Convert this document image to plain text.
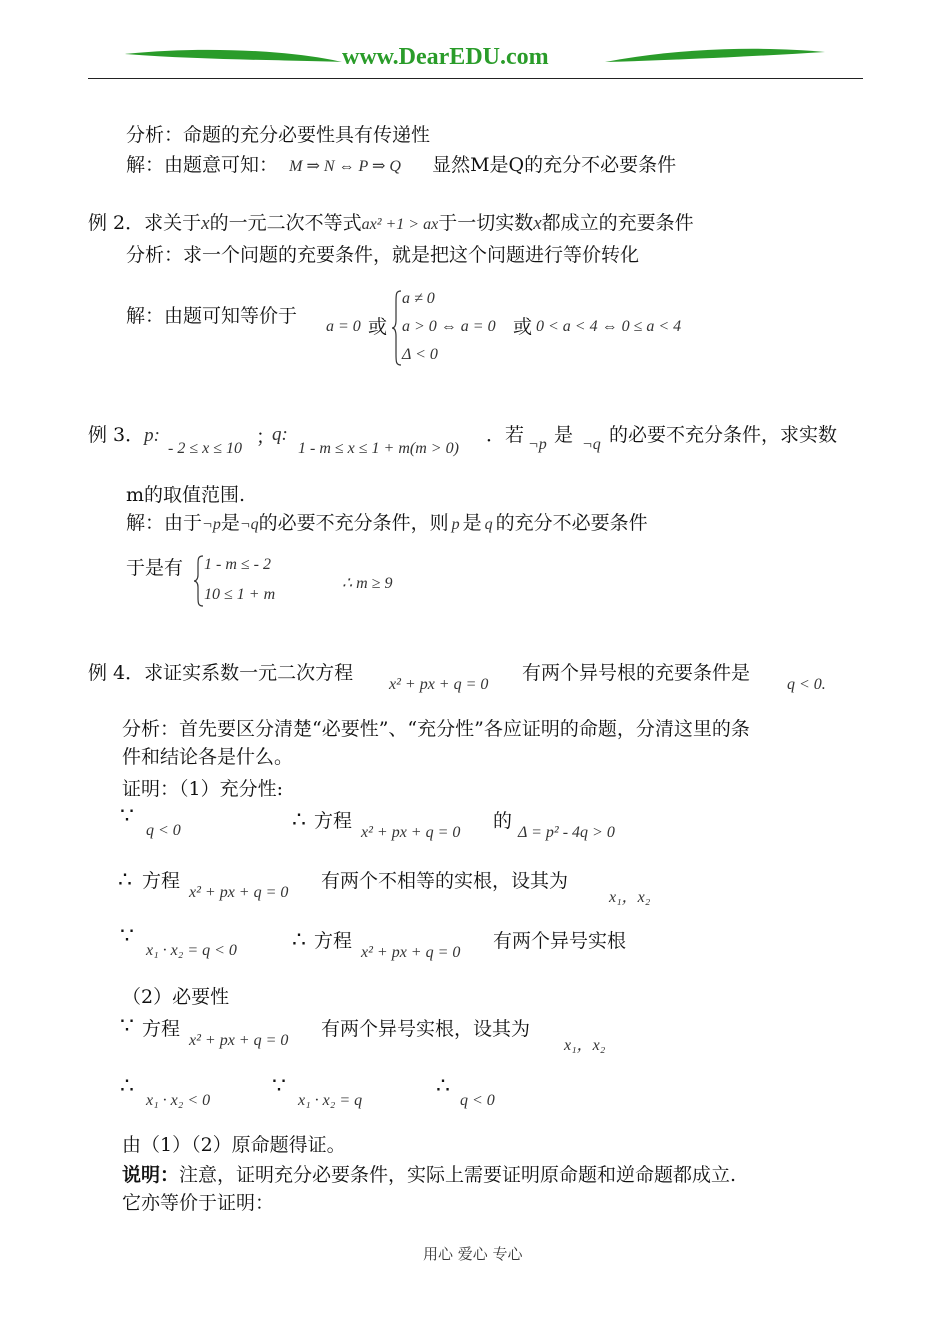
www.DearEDU.com
分析：命题的充分必要性具有传递性
解：由题意可知： M ⇒ N ⇔ P ⇒ Q 显然M是Q的充分不必要条件
例 2．求关于x的一元二次不等式ax² +1 > ax于一切实数x都成立的充要条件
分析：求一个问题的充要条件，就是把这个问题进行等价转化
解：由题可知等价于 a = 0 或
a ≠ 0
a > 0 ⇔ a = 0
Δ < 0
或 0 < a < 4 ⇔ 0 ≤ a < 4
例 3．p:
- 2 ≤ x ≤ 10
；
q:
1 - m ≤ x ≤ 1 + m(m > 0)
．若 ¬p 是 ¬q 的必要不充分条件，求实数
m的取值范围.
解：由于¬p是¬q的必要不充分条件，则 p 是 q 的充分不必要条件
于是有 1 - m ≤ - 2
10 ≤ 1 + m
∴ m ≥ 9
例 4．求证实系数一元二次方程
x² + px + q = 0
有两个异号根的充要条件是
q < 0.
分析：首先要区分清楚“必要性”、“充分性”各应证明的命题，分清这里的条
件和结论各是什么。
证明：（1）充分性:
∵
q < 0	∴ 方程
x² + px + q = 0
的
Δ = p² - 4q > 0
∴ 方程
x² + px + q = 0
有两个不相等的实根，设其为
x₁，x₂
∵
x₁ · x₂ = q < 0	∴ 方程
x² + px + q = 0
有两个异号实根
（2）必要性
∵ 方程
x² + px + q = 0
有两个异号实根，设其为
x₁，x₂
∴
x₁ · x₂ < 0
∵
x₁ · x₂ = q
∴
q < 0
由（1）（2）原命题得证。
说明：注意，证明充分必要条件，实际上需要证明原命题和逆命题都成立.
它亦等价于证明：
用心 爱心 专心
